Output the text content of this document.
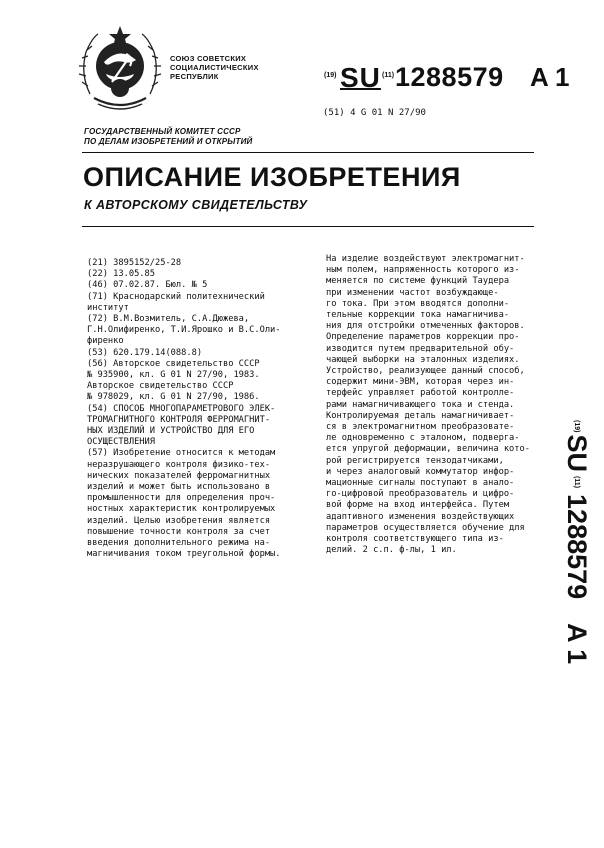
СОЮЗ СОВЕТСКИХ
СОЦИАЛИСТИЧЕСКИХ
РЕСПУБЛИК	(19) SU (11) 1288579 A 1
(51) 4 G 01 N 27/90
ГОСУДАРСТВЕННЫЙ КОМИТЕТ СССР
ПО ДЕЛАМ ИЗОБРЕТЕНИЙ И ОТКРЫТИЙ
ОПИСАНИЕ ИЗОБРЕТЕНИЯ
К АВТОРСКОМУ СВИДЕТЕЛЬСТВУ
(21) 3895152/25-28
(22) 13.05.85
(46) 07.02.87. Бюл. № 5
(71) Краснодарский политехнический
институт
(72) В.М.Возмитель, С.А.Дюжева,
Г.Н.Олифиренко, Т.И.Ярошко и В.С.Оли-
фиренко
(53) 620.179.14(088.8)
(56) Авторское свидетельство СССР
№ 935900, кл. G 01 N 27/90, 1983.
Авторское свидетельство СССР
№ 978029, кл. G 01 N 27/90, 1986.
(54) СПОСОБ МНОГОПАРАМЕТРОВОГО ЭЛЕК-
ТРОМАГНИТНОГО КОНТРОЛЯ ФЕРРОМАГНИТ-
НЫХ ИЗДЕЛИЙ И УСТРОЙСТВО ДЛЯ ЕГО
ОСУЩЕСТВЛЕНИЯ
(57) Изобретение относится к методам
неразрушающего контроля физико-тех-
нических показателей ферромагнитных
изделий и может быть использовано в
промышленности для определения проч-
ностных характеристик контролируемых
изделий. Целью изобретения является
повышение точности контроля за счет
введения дополнительного режима на-
магничивания током треугольной формы.
На изделие воздействуют электромагнит-
ным полем, напряженность которого из-
меняется по системе функций Таудера
при изменении частот возбуждающе-
го тока. При этом вводятся дополни-
тельные коррекции тока намагничива-
ния для отстройки отмеченных факторов.
Определение параметров коррекции про-
изводится путем предварительной обу-
чающей выборки на эталонных изделиях.
Устройство, реализующее данный способ,
содержит мини-ЭВМ, которая через ин-
терфейс управляет работой контролле-
рами намагничивающего тока и стенда.
Контролируемая деталь намагничивает-
ся в электромагнитном преобразовате-
ле одновременно с эталоном, подверга-
ется упругой деформации, величина кото-
рой регистрируется тензодатчиками,
и через аналоговый коммутатор инфор-
мационные сигналы поступают в анало-
го-цифровой преобразователь и цифро-
вой форме на вход интерфейса. Путем
адаптивного изменения воздействующих
параметров осуществляется обучение для
контроля соответствующего типа из-
делий. 2 с.п. ф-лы, 1 ил.
(19)
SU
(11)
1288579
A 1
